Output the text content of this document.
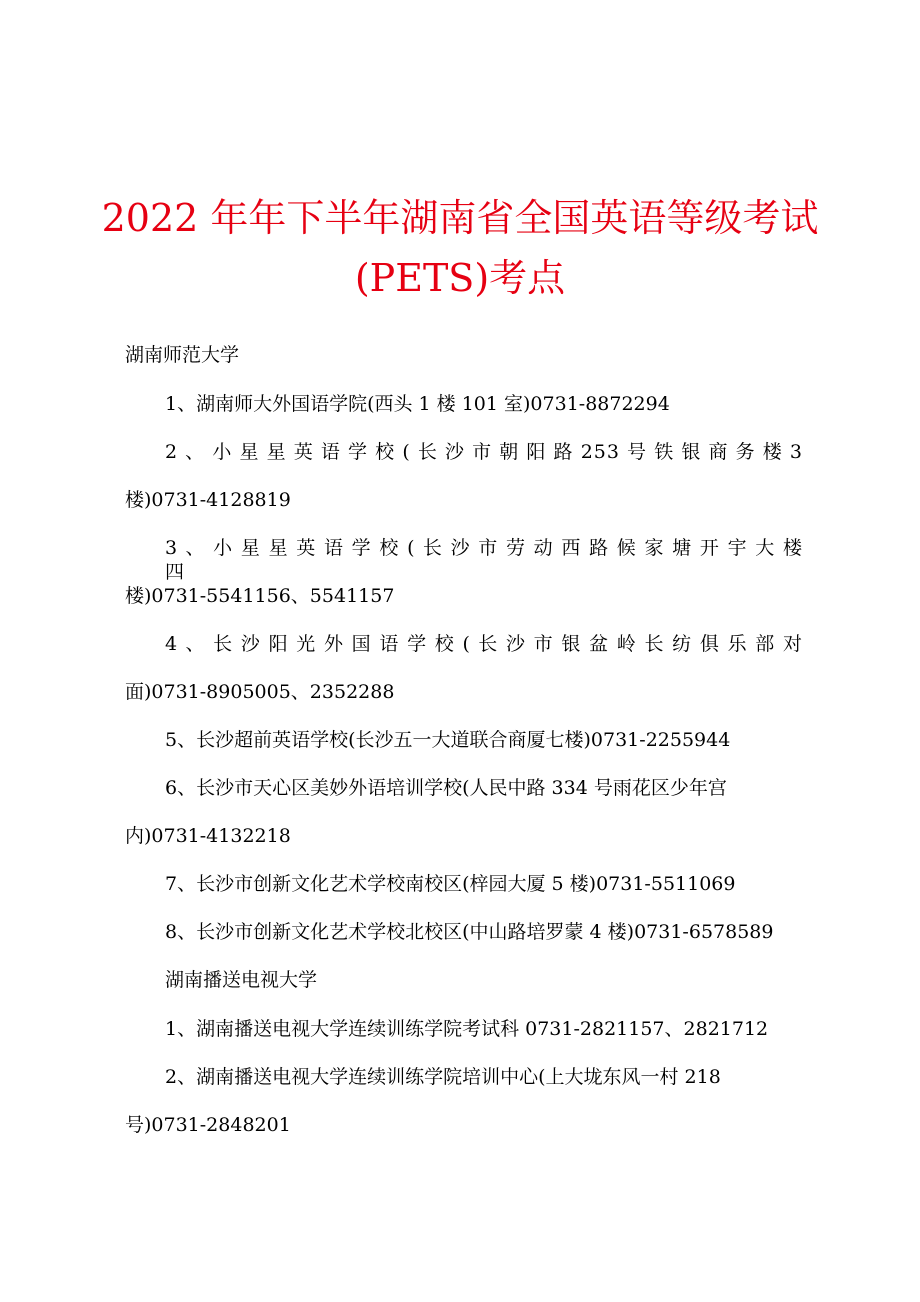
2022 年年下半年湖南省全国英语等级考试
(PETS)考点
湖南师范大学
1、湖南师大外国语学院(西头 1 楼 101 室)0731-8872294
2 、 小 星 星 英 语 学 校 ( 长 沙 市 朝 阳 路 253 号 铁 银 商 务 楼 3
楼)0731-4128819
3 、 小 星 星 英 语 学 校 ( 长 沙 市 劳 动 西 路 候 家 塘 开 宇 大 楼 四
楼)0731-5541156、5541157
4 、 长 沙 阳 光 外 国 语 学 校 ( 长 沙 市 银 盆 岭 长 纺 俱 乐 部 对
面)0731-8905005、2352288
5、长沙超前英语学校(长沙五一大道联合商厦七楼)0731-2255944
6、长沙市天心区美妙外语培训学校(人民中路 334 号雨花区少年宫
内)0731-4132218
7、长沙市创新文化艺术学校南校区(梓园大厦 5 楼)0731-5511069
8、长沙市创新文化艺术学校北校区(中山路培罗蒙 4 楼)0731-6578589
湖南播送电视大学
1、湖南播送电视大学连续训练学院考试科 0731-2821157、2821712
2、湖南播送电视大学连续训练学院培训中心(上大垅东风一村 218
号)0731-2848201
